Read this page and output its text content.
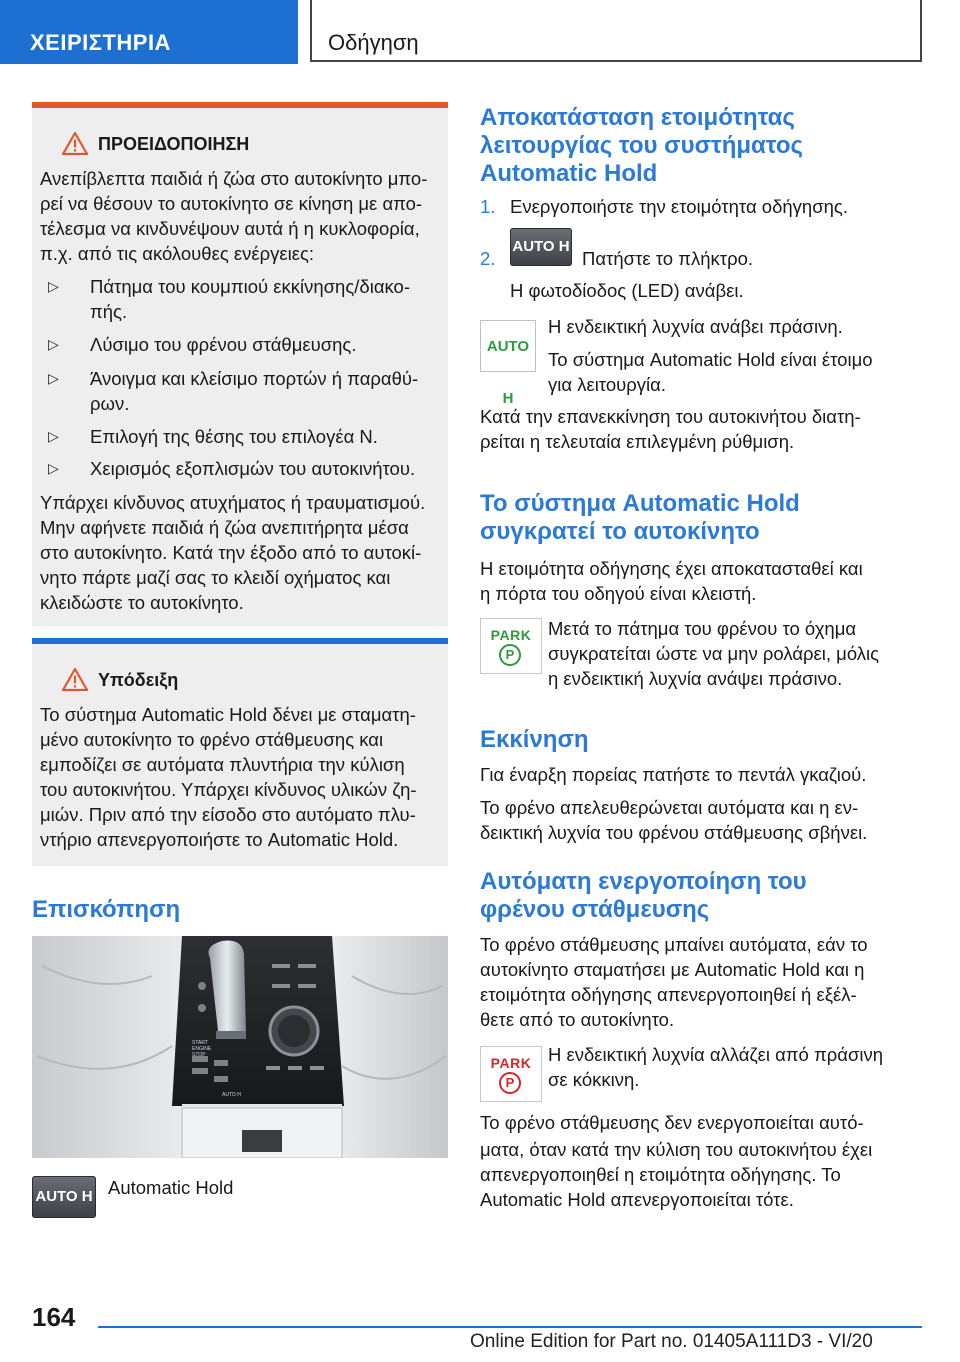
ΧΕΙΡΙΣΤΗΡΙΑ	Οδήγηση
ΠΡΟΕΙΔΟΠΟΙΗΣΗ
Ανεπίβλεπτα παιδιά ή ζώα στο αυτοκίνητο μπο-
ρεί να θέσουν το αυτοκίνητο σε κίνηση με απο-
τέλεσμα να κινδυνέψουν αυτά ή η κυκλοφορία,
π.χ. από τις ακόλουθες ενέργειες:
▷ Πάτημα του κουμπιού εκκίνησης/διακο-
πής.
▷ Λύσιμο του φρένου στάθμευσης.
▷ Άνοιγμα και κλείσιμο πορτών ή παραθύ-
ρων.
▷ Επιλογή της θέσης του επιλογέα N.
▷ Χειρισμός εξοπλισμών του αυτοκινήτου.
Υπάρχει κίνδυνος ατυχήματος ή τραυματισμού.
Μην αφήνετε παιδιά ή ζώα ανεπιτήρητα μέσα
στο αυτοκίνητο. Κατά την έξοδο από το αυτοκί-
νητο πάρτε μαζί σας το κλειδί οχήματος και
κλειδώστε το αυτοκίνητο.
Υπόδειξη
Το σύστημα Automatic Hold δένει με σταματη-
μένο αυτοκίνητο το φρένο στάθμευσης και
εμποδίζει σε αυτόματα πλυντήρια την κύλιση
του αυτοκινήτου. Υπάρχει κίνδυνος υλικών ζη-
μιών. Πριν από την είσοδο στο αυτόματο πλυ-
ντήριο απενεργοποιήστε το Automatic Hold.
Επισκόπηση
START
ENGINE
STOP
AUTO H
AUTO H Automatic Hold
Αποκατάσταση ετοιμότητας
λειτουργίας του συστήματος
Automatic Hold
1. Ενεργοποιήστε την ετοιμότητα οδήγησης.
2.
AUTO H
Πατήστε το πλήκτρο.
Η φωτοδίοδος (LED) ανάβει.
AUTO H
Η ενδεικτική λυχνία ανάβει πράσινη.
Το σύστημα Automatic Hold είναι έτοιμο
για λειτουργία.
Κατά την επανεκκίνηση του αυτοκινήτου διατη-
ρείται η τελευταία επιλεγμένη ρύθμιση.
Το σύστημα Automatic Hold
συγκρατεί το αυτοκίνητο
Η ετοιμότητα οδήγησης έχει αποκατασταθεί και
η πόρτα του οδηγού είναι κλειστή.
PARK
P
Μετά το πάτημα του φρένου το όχημα
συγκρατείται ώστε να μην ρολάρει, μόλις
η ενδεικτική λυχνία ανάψει πράσινο.
Εκκίνηση
Για έναρξη πορείας πατήστε το πεντάλ γκαζιού.
Το φρένο απελευθερώνεται αυτόματα και η εν-
δεικτική λυχνία του φρένου στάθμευσης σβήνει.
Αυτόματη ενεργοποίηση του
φρένου στάθμευσης
Το φρένο στάθμευσης μπαίνει αυτόματα, εάν το
αυτοκίνητο σταματήσει με Automatic Hold και η
ετοιμότητα οδήγησης απενεργοποιηθεί ή εξέλ-
θετε από το αυτοκίνητο.
PARK
P
Η ενδεικτική λυχνία αλλάζει από πράσινη
σε κόκκινη.
Το φρένο στάθμευσης δεν ενεργοποιείται αυτό-
ματα, όταν κατά την κύλιση του αυτοκινήτου έχει
απενεργοποιηθεί η ετοιμότητα οδήγησης. Το
Automatic Hold απενεργοποιείται τότε.
164
Online Edition for Part no. 01405A111D3 - VI/20
